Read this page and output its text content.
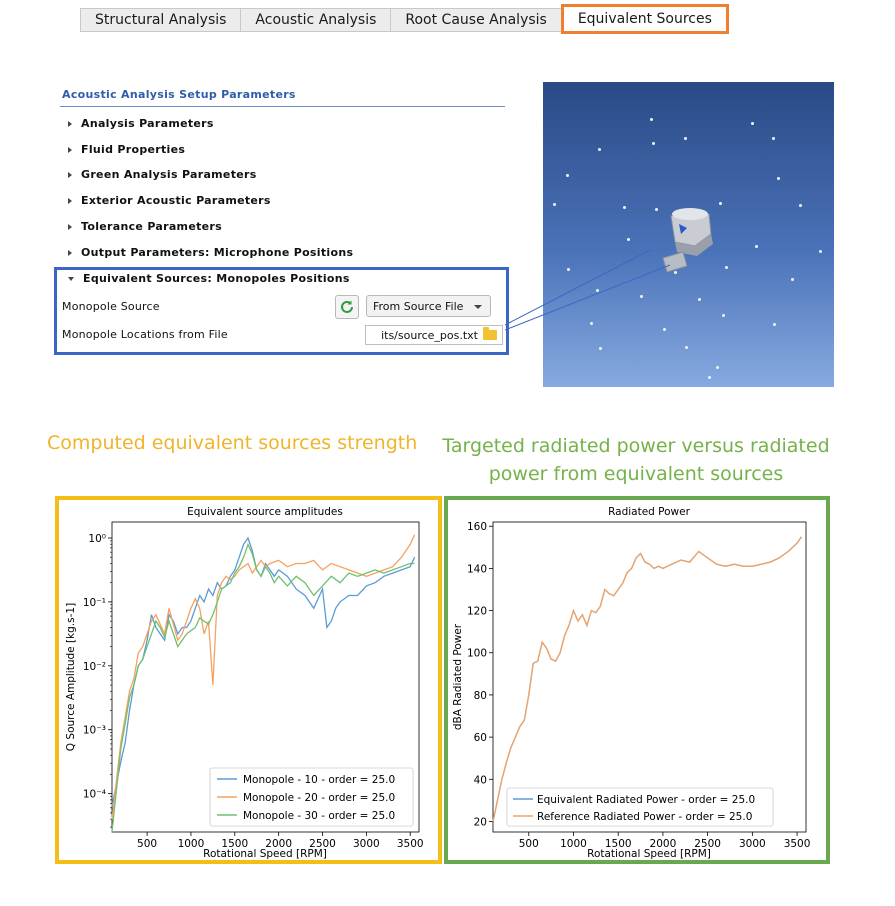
Structural Analysis	Acoustic Analysis	Root Cause Analysis	Equivalent Sources
Acoustic Analysis Setup Parameters
Analysis Parameters
Fluid Properties
Green Analysis Parameters
Exterior Acoustic Parameters
Tolerance Parameters
Output Parameters: Microphone Positions
Equivalent Sources: Monopoles Positions
Monopole Source	From Source File
Monopole Locations from File	its/source_pos.txt
Computed equivalent sources strength Targeted radiated power versus radiated
power from equivalent sources
Equivalent source amplitudes
Rotational Speed [RPM]
Q Source Amplitude [kg.s-1]
500 1000 1500 2000 2500 3000 3500
10⁰
10⁻¹
10⁻²
10⁻³
10⁻⁴
Monopole - 10 - order = 25.0
Monopole - 20 - order = 25.0
Monopole - 30 - order = 25.0
Radiated Power
Rotational Speed [RPM]
dBA Radiated Power
500 1000 1500 2000 2500 3000 3500
20
40
60
80
100
120
140
160
Equivalent Radiated Power - order = 25.0
Reference Radiated Power - order = 25.0
